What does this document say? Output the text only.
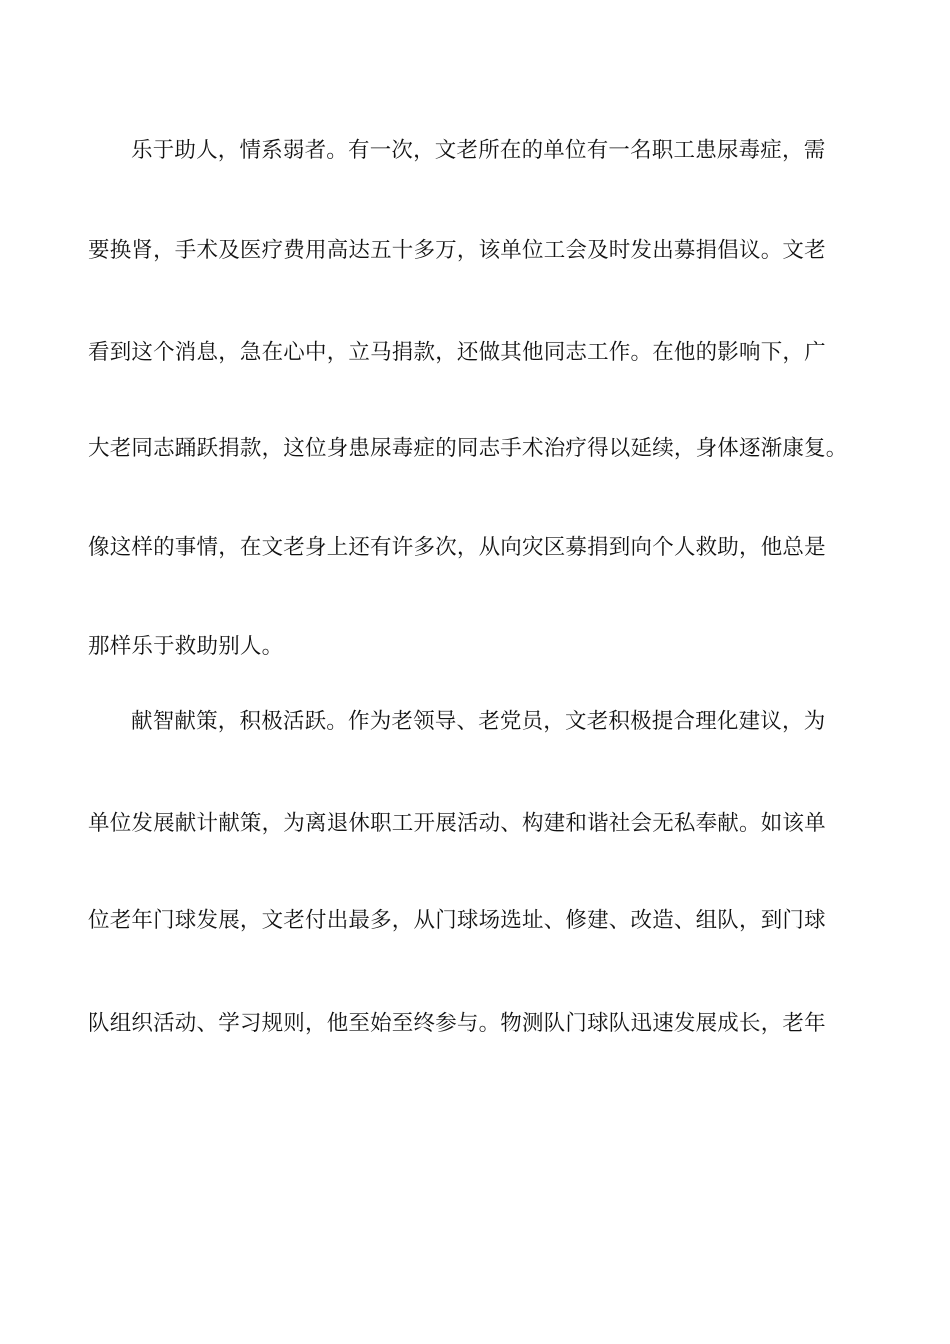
乐于助人，情系弱者。有一次，文老所在的单位有一名职工患尿毒症，需
要换肾，手术及医疗费用高达五十多万，该单位工会及时发出募捐倡议。文老
看到这个消息，急在心中，立马捐款，还做其他同志工作。在他的影响下，广
大老同志踊跃捐款，这位身患尿毒症的同志手术治疗得以延续，身体逐渐康复。
像这样的事情，在文老身上还有许多次，从向灾区募捐到向个人救助，他总是
那样乐于救助别人。
献智献策，积极活跃。作为老领导、老党员，文老积极提合理化建议，为
单位发展献计献策，为离退休职工开展活动、构建和谐社会无私奉献。如该单
位老年门球发展，文老付出最多，从门球场选址、修建、改造、组队，到门球
队组织活动、学习规则，他至始至终参与。物测队门球队迅速发展成长，老年
